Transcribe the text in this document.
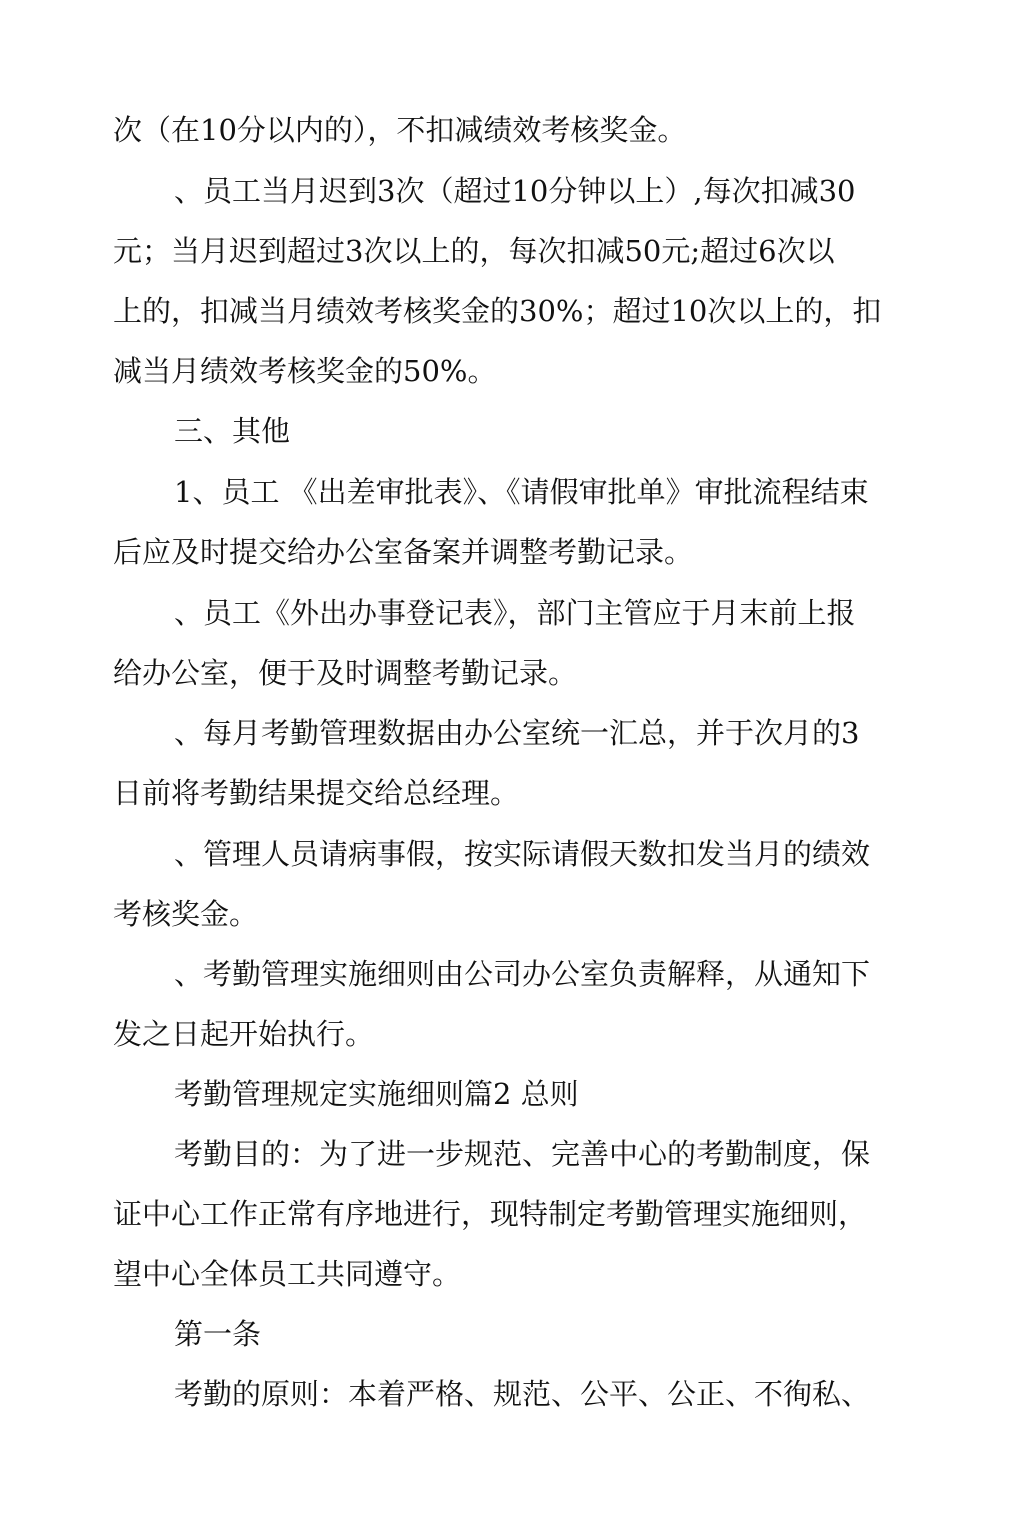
次（在10分以内的），不扣减绩效考核奖金。
、员工当月迟到3次（超过10分钟以上）,每次扣减30
元；当月迟到超过3次以上的，每次扣减50元;超过6次以
上的，扣减当月绩效考核奖金的30%；超过10次以上的，扣
减当月绩效考核奖金的50%。
三、其他
1、员工 《出差审批表》、《请假审批单》审批流程结束
后应及时提交给办公室备案并调整考勤记录。
、员工《外出办事登记表》，部门主管应于月末前上报
给办公室，便于及时调整考勤记录。
、每月考勤管理数据由办公室统一汇总，并于次月的3
日前将考勤结果提交给总经理。
、管理人员请病事假，按实际请假天数扣发当月的绩效
考核奖金。
、考勤管理实施细则由公司办公室负责解释，从通知下
发之日起开始执行。
考勤管理规定实施细则篇2 总则
考勤目的：为了进一步规范、完善中心的考勤制度，保
证中心工作正常有序地进行，现特制定考勤管理实施细则，
望中心全体员工共同遵守。
第一条
考勤的原则：本着严格、规范、公平、公正、不徇私、
